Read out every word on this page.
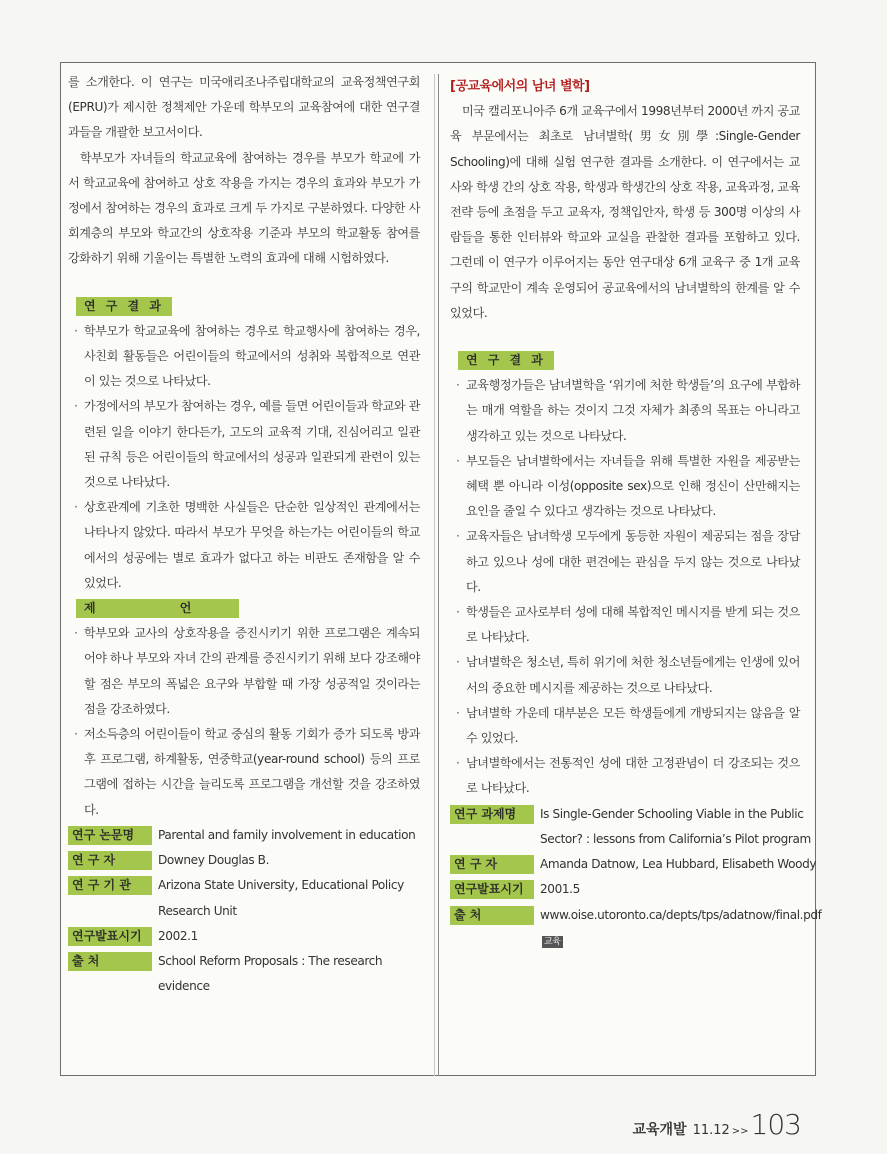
를 소개한다. 이 연구는 미국애리조나주립대학교의 교육정책연구회(EPRU)가 제시한 정책제안 가운데 학부모의 교육참여에 대한 연구결과들을 개괄한 보고서이다.

학부모가 자녀들의 학교교육에 참여하는 경우를 부모가 학교에 가서 학교교육에 참여하고 상호 작용을 가지는 경우의 효과와 부모가 가정에서 참여하는 경우의 효과로 크게 두 가지로 구분하였다. 다양한 사회계층의 부모와 학교간의 상호작용 기준과 부모의 학교활동 참여를 강화하기 위해 기울이는 특별한 노력의 효과에 대해 시험하였다.

연 구 결 과
· 학부모가 학교교육에 참여하는 경우로 학교행사에 참여하는 경우, 사친회 활동들은 어린이들의 학교에서의 성취와 복합적으로 연관이 있는 것으로 나타났다.
· 가정에서의 부모가 참여하는 경우, 예를 들면 어린이들과 학교와 관련된 일을 이야기 한다든가, 고도의 교육적 기대, 진심어리고 일관된 규칙 등은 어린이들의 학교에서의 성공과 일관되게 관련이 있는 것으로 나타났다.
· 상호관계에 기초한 명백한 사실들은 단순한 일상적인 관계에서는 나타나지 않았다. 따라서 부모가 무엇을 하는가는 어린이들의 학교에서의 성공에는 별로 효과가 없다고 하는 비판도 존재함을 알 수 있었다.
제 언
· 학부모와 교사의 상호작용을 증진시키기 위한 프로그램은 계속되어야 하나 부모와 자녀 간의 관계를 증진시키기 위해 보다 강조해야 할 점은 부모의 폭넓은 요구와 부합할 때 가장 성공적일 것이라는 점을 강조하였다.
· 저소득층의 어린이들이 학교 중심의 활동 기회가 증가 되도록 방과후 프로그램, 하계활동, 연중학교(year-round school) 등의 프로그램에 접하는 시간을 늘리도록 프로그램을 개선할 것을 강조하였다.
연구 논문명	Parental and family involvement in education
연 구 자	Downey Douglas B.
연 구 기 관	Arizona State University, Educational Policy Research Unit
연구발표시기	2002.1
출 처	School Reform Proposals : The research evidence

[공교육에서의 남녀 별학]

미국 캘리포니아주 6개 교육구에서 1998년부터 2000년 까지 공교육 부문에서는 최초로 남녀별학(男女別學:Single-Gender Schooling)에 대해 실험 연구한 결과를 소개한다. 이 연구에서는 교사와 학생 간의 상호 작용, 학생과 학생간의 상호 작용, 교육과정, 교육전략 등에 초점을 두고 교육자, 정책입안자, 학생 등 300명 이상의 사람들을 통한 인터뷰와 학교와 교실을 관찰한 결과를 포함하고 있다. 그런데 이 연구가 이루어지는 동안 연구대상 6개 교육구 중 1개 교육구의 학교만이 계속 운영되어 공교육에서의 남녀별학의 한계를 알 수 있었다.

연 구 결 과
· 교육행정가들은 남녀별학을 ‘위기에 처한 학생들’의 요구에 부합하는 매개 역할을 하는 것이지 그것 자체가 최종의 목표는 아니라고 생각하고 있는 것으로 나타났다.
· 부모들은 남녀별학에서는 자녀들을 위해 특별한 자원을 제공받는 혜택 뿐 아니라 이성(opposite sex)으로 인해 정신이 산만해지는 요인을 줄일 수 있다고 생각하는 것으로 나타났다.
· 교육자들은 남녀학생 모두에게 동등한 자원이 제공되는 점을 장담하고 있으나 성에 대한 편견에는 관심을 두지 않는 것으로 나타났다.
· 학생들은 교사로부터 성에 대해 복합적인 메시지를 받게 되는 것으로 나타났다.
· 남녀별학은 청소년, 특히 위기에 처한 청소년들에게는 인생에 있어서의 중요한 메시지를 제공하는 것으로 나타났다.
· 남녀별학 가운데 대부분은 모든 학생들에게 개방되지는 않음을 알 수 있었다.
· 남녀별학에서는 전통적인 성에 대한 고정관념이 더 강조되는 것으로 나타났다.
연구 과제명	Is Single-Gender Schooling Viable in the Public Sector? : lessons from California’s Pilot program
연 구 자	Amanda Datnow, Lea Hubbard, Elisabeth Woody
연구발표시기	2001.5
출 처	www.oise.utoronto.ca/depts/tps/adatnow/final.pdf 교육
교육개발 11.12 >> 103
